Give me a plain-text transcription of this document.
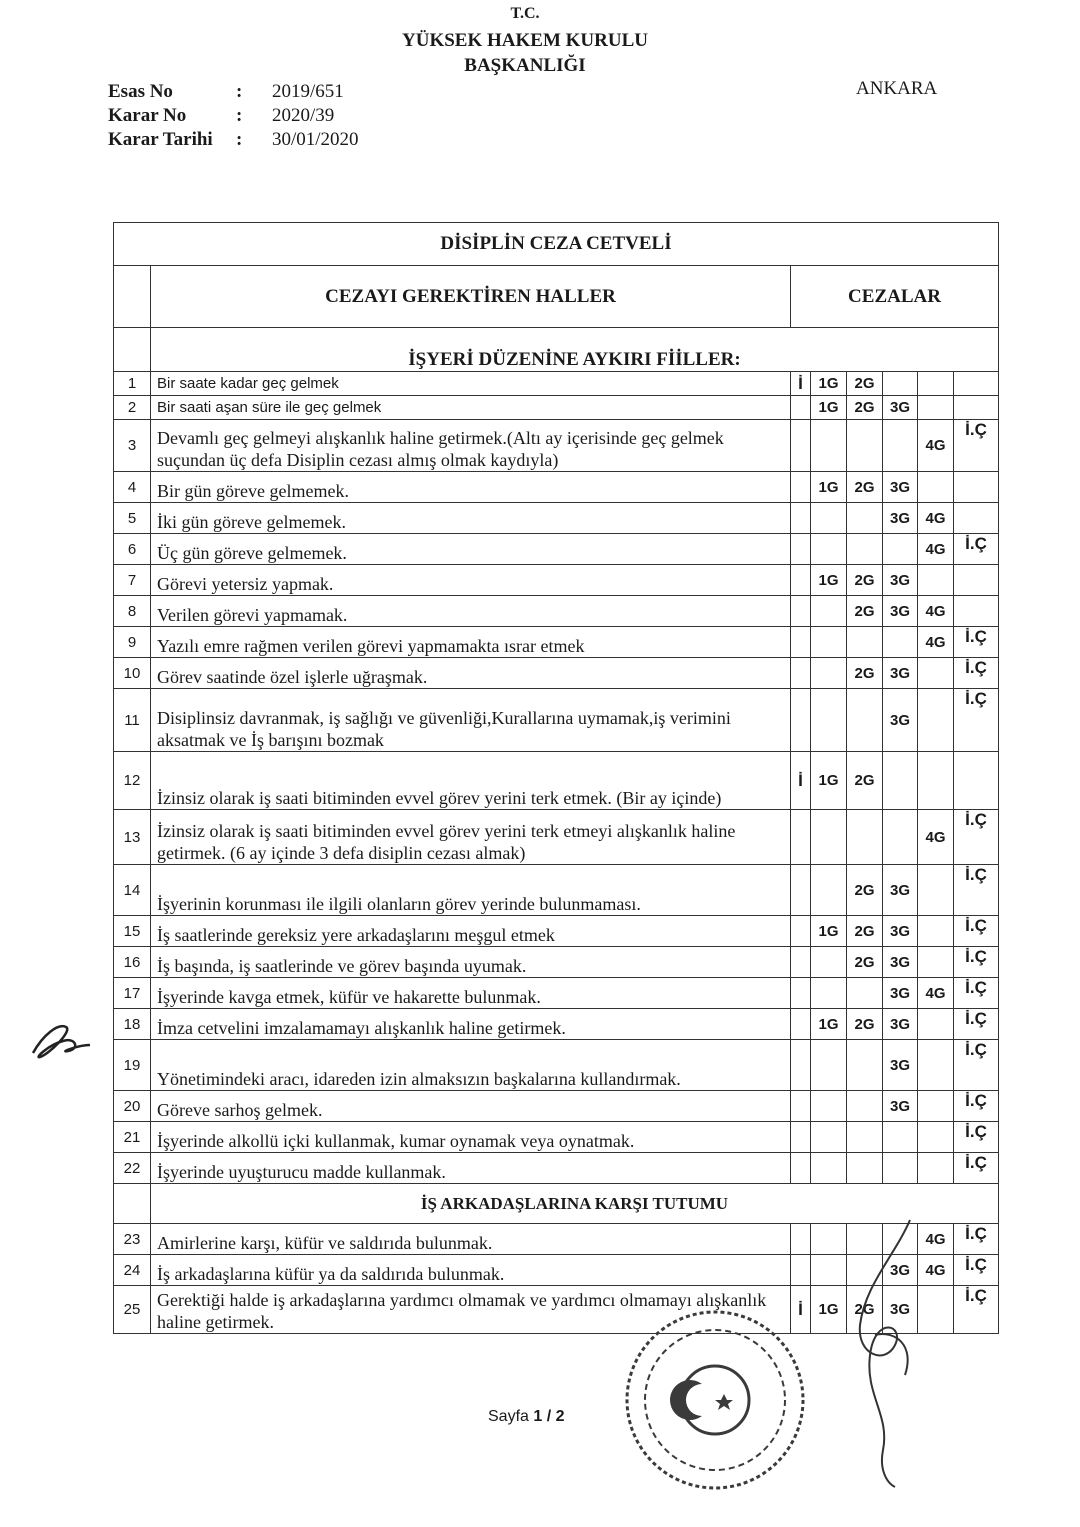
T.C.
YÜKSEK HAKEM KURULU
BAŞKANLIĞI
ANKARA
Esas No	:	2019/651
Karar No	:	2020/39
Karar Tarihi	:	30/01/2020
DİSİPLİN CEZA CETVELİ							
	CEZAYI GEREKTİREN HALLER	CEZALAR					
	İŞYERİ DÜZENİNE AYKIRI FİİLLER:						
1	Bir saate kadar geç gelmek	İ	1G	2G			
2	Bir saati aşan süre ile geç gelmek		1G	2G	3G		
3	Devamlı geç gelmeyi alışkanlık haline getirmek.(Altı ay içerisinde geç gelmek suçundan üç defa Disiplin cezası almış olmak kaydıyla)					4G	İ.Ç
4	Bir gün göreve gelmemek.		1G	2G	3G		
5	İki gün göreve gelmemek.				3G	4G	
6	Üç gün göreve gelmemek.					4G	İ.Ç
7	Görevi yetersiz yapmak.		1G	2G	3G		
8	Verilen görevi yapmamak.			2G	3G	4G	
9	Yazılı emre rağmen verilen görevi yapmamakta ısrar etmek					4G	İ.Ç
10	Görev saatinde özel işlerle uğraşmak.			2G	3G		İ.Ç
11	Disiplinsiz davranmak, iş sağlığı ve güvenliği,Kurallarına uymamak,iş verimini aksatmak ve İş barışını bozmak				3G		İ.Ç
12	İzinsiz olarak iş saati bitiminden evvel görev yerini terk etmek. (Bir ay içinde)	İ	1G	2G			
13	İzinsiz olarak iş saati bitiminden evvel görev yerini terk etmeyi alışkanlık haline getirmek. (6 ay içinde 3 defa disiplin cezası almak)					4G	İ.Ç
14	İşyerinin korunması ile ilgili olanların görev yerinde bulunmaması.			2G	3G		İ.Ç
15	İş saatlerinde gereksiz yere arkadaşlarını meşgul etmek		1G	2G	3G		İ.Ç
16	İş başında, iş saatlerinde ve görev başında uyumak.			2G	3G		İ.Ç
17	İşyerinde kavga etmek, küfür ve hakarette bulunmak.				3G	4G	İ.Ç
18	İmza cetvelini imzalamamayı alışkanlık haline getirmek.		1G	2G	3G		İ.Ç
19	Yönetimindeki aracı, idareden izin almaksızın başkalarına kullandırmak.				3G		İ.Ç
20	Göreve sarhoş gelmek.				3G		İ.Ç
21	İşyerinde alkollü içki kullanmak, kumar oynamak veya oynatmak.						İ.Ç
22	İşyerinde uyuşturucu madde kullanmak.						İ.Ç
	İŞ ARKADAŞLARINA KARŞI TUTUMU						
23	Amirlerine karşı, küfür ve saldırıda bulunmak.					4G	İ.Ç
24	İş arkadaşlarına küfür ya da saldırıda bulunmak.				3G	4G	İ.Ç
25	Gerektiği halde iş arkadaşlarına yardımcı olmamak ve yardımcı olmamayı alışkanlık haline getirmek.	İ	1G	2G	3G		İ.Ç
Sayfa 1 / 2
